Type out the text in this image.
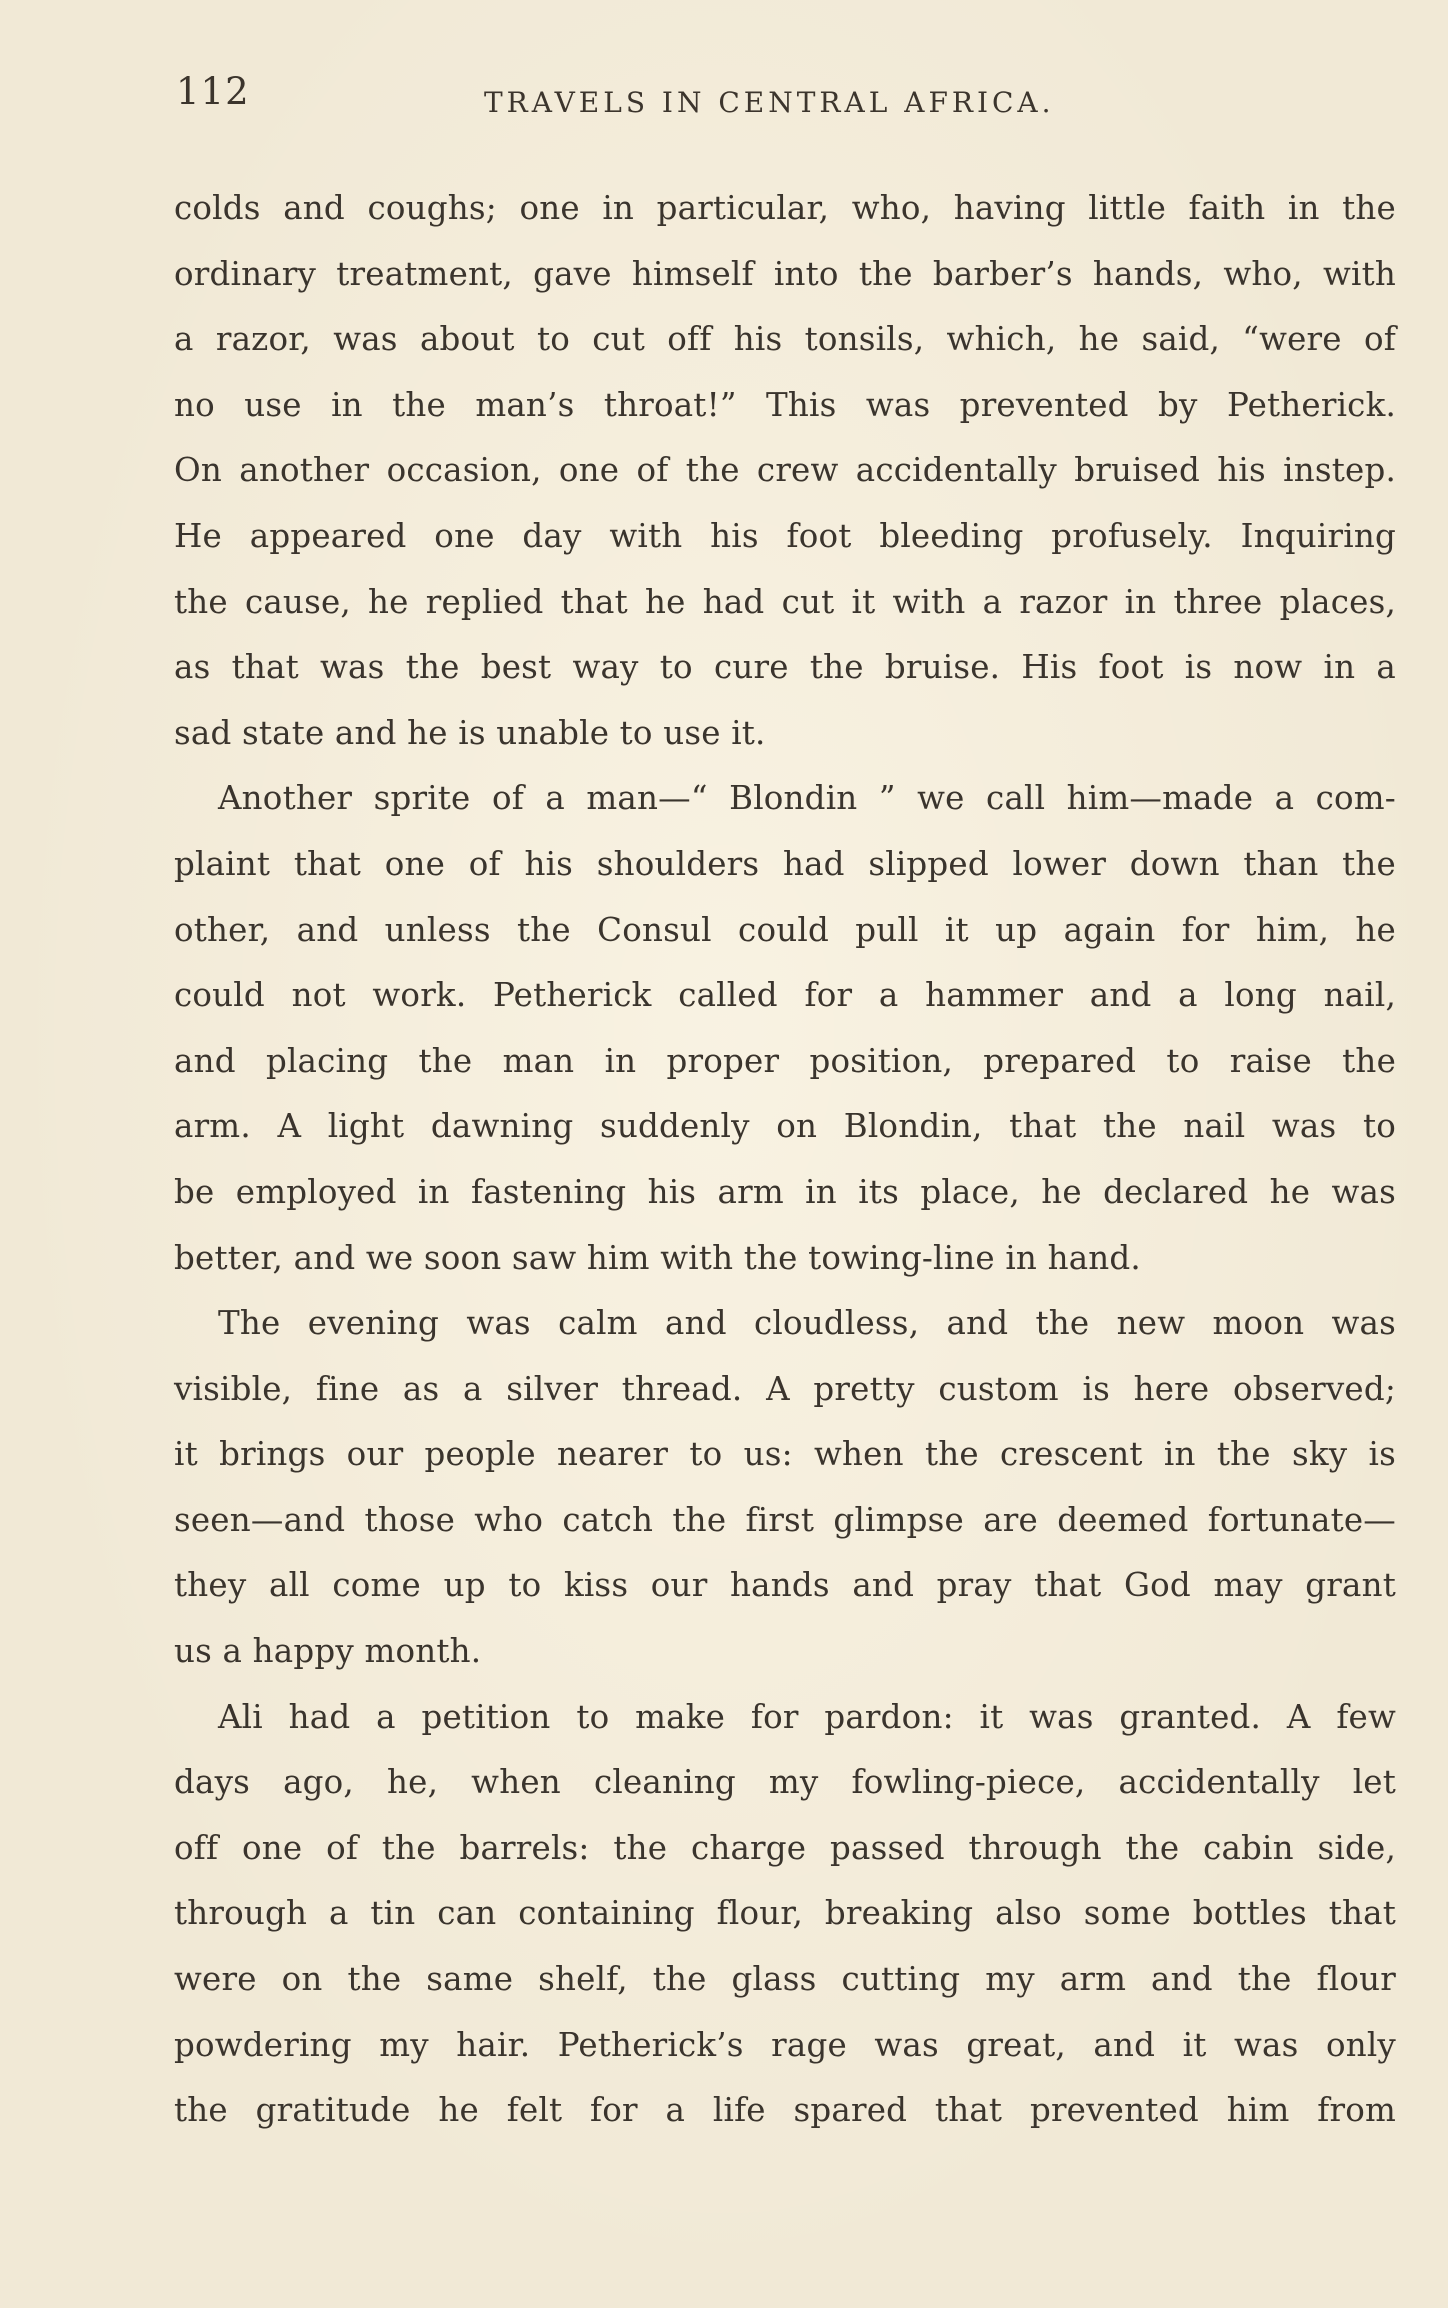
112	TRAVELS IN CENTRAL AFRICA.
colds and coughs; one in particular, who, having little faith in the
ordinary treatment, gave himself into the barber’s hands, who, with
a razor, was about to cut off his tonsils, which, he said, “were of
no use in the man’s throat!” This was prevented by Petherick.
On another occasion, one of the crew accidentally bruised his instep.
He appeared one day with his foot bleeding profusely. Inquiring
the cause, he replied that he had cut it with a razor in three places,
as that was the best way to cure the bruise. His foot is now in a
sad state and he is unable to use it.
Another sprite of a man—“ Blondin ” we call him—made a com-
plaint that one of his shoulders had slipped lower down than the
other, and unless the Consul could pull it up again for him, he
could not work. Petherick called for a hammer and a long nail,
and placing the man in proper position, prepared to raise the
arm. A light dawning suddenly on Blondin, that the nail was to
be employed in fastening his arm in its place, he declared he was
better, and we soon saw him with the towing-line in hand.
The evening was calm and cloudless, and the new moon was
visible, fine as a silver thread. A pretty custom is here observed;
it brings our people nearer to us: when the crescent in the sky is
seen—and those who catch the first glimpse are deemed fortunate—
they all come up to kiss our hands and pray that God may grant
us a happy month.
Ali had a petition to make for pardon: it was granted. A few
days ago, he, when cleaning my fowling-piece, accidentally let
off one of the barrels: the charge passed through the cabin side,
through a tin can containing flour, breaking also some bottles that
were on the same shelf, the glass cutting my arm and the flour
powdering my hair. Petherick’s rage was great, and it was only
the gratitude he felt for a life spared that prevented him from
